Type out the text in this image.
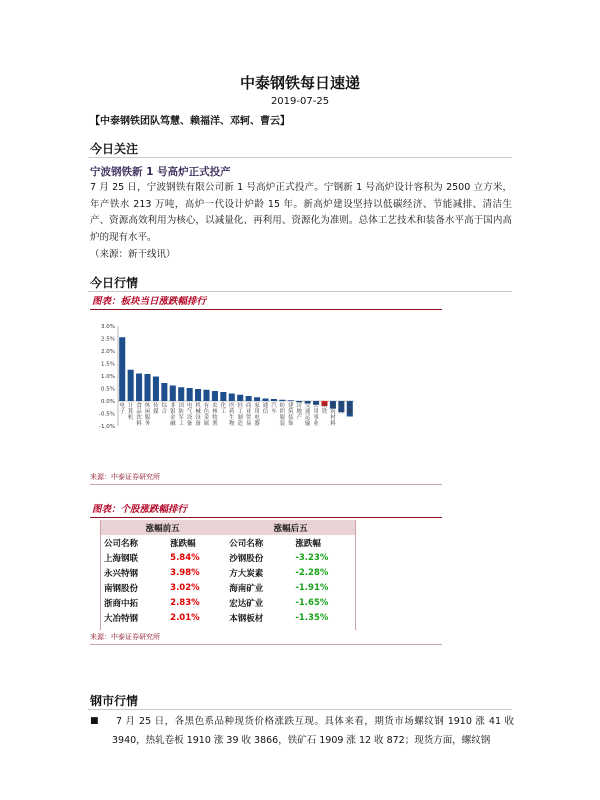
中泰钢铁每日速递
2019-07-25
【中泰钢铁团队笃慧、赖福洋、邓轲、曹云】
今日关注
宁波钢铁新 1 号高炉正式投产
7 月 25 日，宁波钢铁有限公司新 1 号高炉正式投产。宁钢新 1 号高炉设计容积为 2500 立方米，年产铁水 213 万吨，高炉一代设计炉龄 15 年。新高炉建设坚持以低碳经济、节能减排、清洁生产、资源高效利用为核心，以减量化、再利用、资源化为准则。总体工艺技术和装备水平高于国内高炉的现有水平。
（来源：新干线讯）
今日行情
图表：板块当日涨跌幅排行
3.0%
2.5%
2.0%
1.5%
1.0%
0.5%
0.0%
-0.5%
-1.0%
电子
计算机
食品饮料
休闲服务
传媒
综合
非银金融
国防军工
电气设备
机械设备
有色金属
农林牧渔
化工
医药生物
轻工制造
商业贸易
家用电器
通信
汽车
纺织服装
建筑装饰
房地产
交通运输
公用事业
钢铁
建筑材料
银行
采掘
来源：中泰证券研究所
图表：个股涨跌幅排行
涨幅前五		涨幅后五	
公司名称	涨跌幅	公司名称	涨跌幅
上海钢联	5.84%	沙钢股份	-3.23%
永兴特钢	3.98%	方大炭素	-2.28%
南钢股份	3.02%	海南矿业	-1.91%
浙商中拓	2.83%	宏达矿业	-1.65%
大冶特钢	2.01%	本钢板材	-1.35%
来源：中泰证券研究所
钢市行情
■	7 月 25 日，各黑色系品种现货价格涨跌互现。具体来看，期货市场螺纹钢 1910 涨 41 收 3940，热轧卷板 1910 涨 39 收 3866，铁矿石 1909 涨 12 收 872；现货方面，螺纹钢
